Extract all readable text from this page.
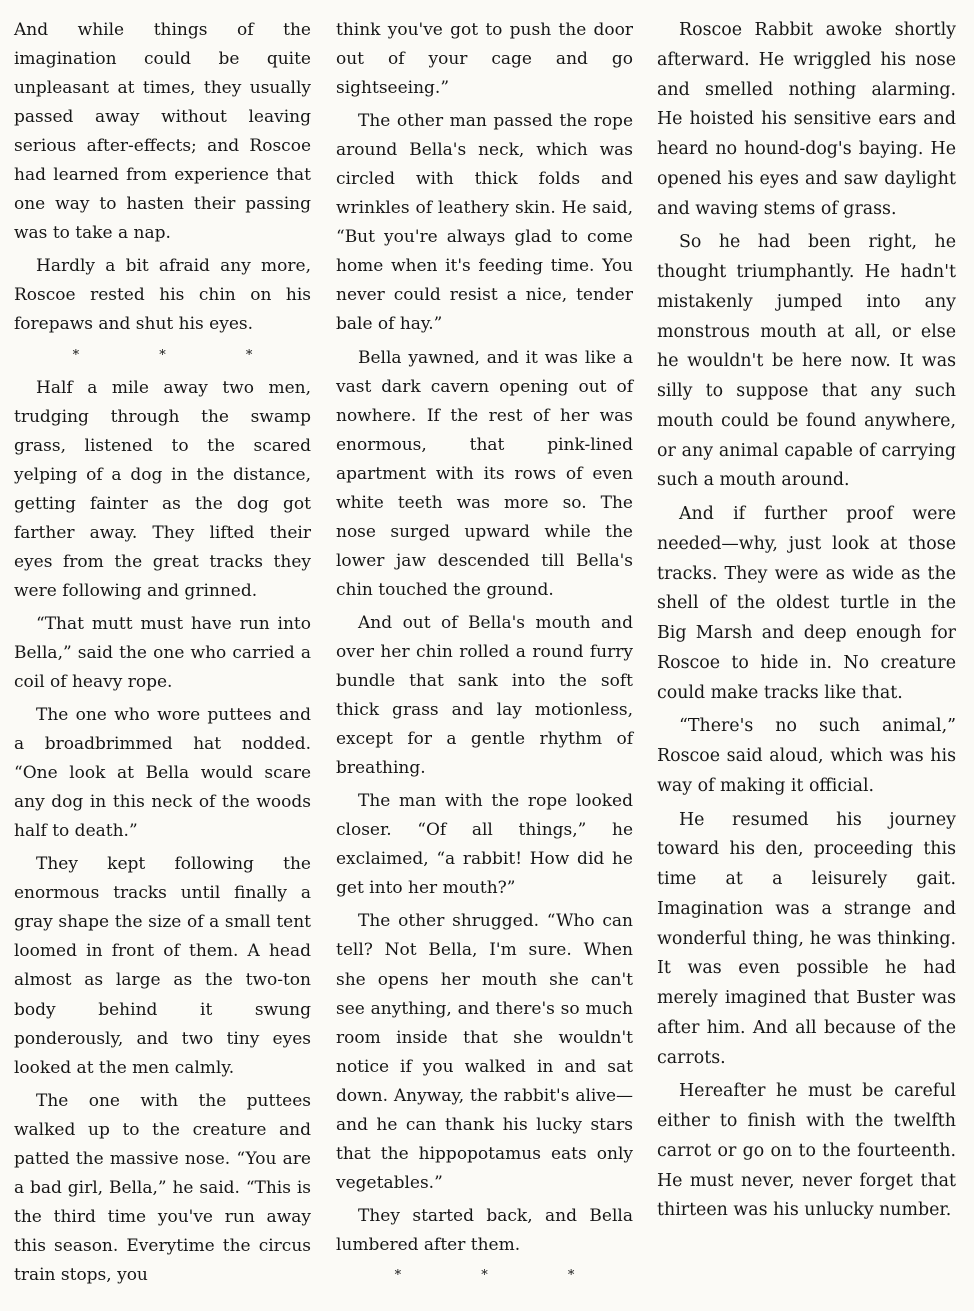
And while things of the imagination could be quite unpleasant at times, they usually passed away without leaving serious after-effects; and Roscoe had learned from experience that one way to hasten their passing was to take a nap.

Hardly a bit afraid any more, Roscoe rested his chin on his forepaws and shut his eyes.

* * *

Half a mile away two men, trudging through the swamp grass, listened to the scared yelping of a dog in the distance, getting fainter as the dog got farther away. They lifted their eyes from the great tracks they were following and grinned.

“That mutt must have run into Bella,” said the one who carried a coil of heavy rope.

The one who wore puttees and a broadbrimmed hat nodded. “One look at Bella would scare any dog in this neck of the woods half to death.”

They kept following the enormous tracks until finally a gray shape the size of a small tent loomed in front of them. A head almost as large as the two-ton body behind it swung ponderously, and two tiny eyes looked at the men calmly.

The one with the puttees walked up to the creature and patted the massive nose. “You are a bad girl, Bella,” he said. “This is the third time you've run away this season. Everytime the circus train stops, you

think you've got to push the door out of your cage and go sightseeing.”

The other man passed the rope around Bella's neck, which was circled with thick folds and wrinkles of leathery skin. He said, “But you're always glad to come home when it's feeding time. You never could resist a nice, tender bale of hay.”

Bella yawned, and it was like a vast dark cavern opening out of nowhere. If the rest of her was enormous, that pink-lined apartment with its rows of even white teeth was more so. The nose surged upward while the lower jaw descended till Bella's chin touched the ground.

And out of Bella's mouth and over her chin rolled a round furry bundle that sank into the soft thick grass and lay motionless, except for a gentle rhythm of breathing.

The man with the rope looked closer. “Of all things,” he exclaimed, “a rabbit! How did he get into her mouth?”

The other shrugged. “Who can tell? Not Bella, I'm sure. When she opens her mouth she can't see anything, and there's so much room inside that she wouldn't notice if you walked in and sat down. Anyway, the rabbit's alive—and he can thank his lucky stars that the hippopotamus eats only vegetables.”

They started back, and Bella lumbered after them.

* * *

Roscoe Rabbit awoke shortly afterward. He wriggled his nose and smelled nothing alarming. He hoisted his sensitive ears and heard no hound-dog's baying. He opened his eyes and saw daylight and waving stems of grass.

So he had been right, he thought triumphantly. He hadn't mistakenly jumped into any monstrous mouth at all, or else he wouldn't be here now. It was silly to suppose that any such mouth could be found anywhere, or any animal capable of carrying such a mouth around.

And if further proof were needed—why, just look at those tracks. They were as wide as the shell of the oldest turtle in the Big Marsh and deep enough for Roscoe to hide in. No creature could make tracks like that.

“There's no such animal,” Roscoe said aloud, which was his way of making it official.

He resumed his journey toward his den, proceeding this time at a leisurely gait. Imagination was a strange and wonderful thing, he was thinking. It was even possible he had merely imagined that Buster was after him. And all because of the carrots.

Hereafter he must be careful either to finish with the twelfth carrot or go on to the fourteenth. He must never, never forget that thirteen was his unlucky number.
